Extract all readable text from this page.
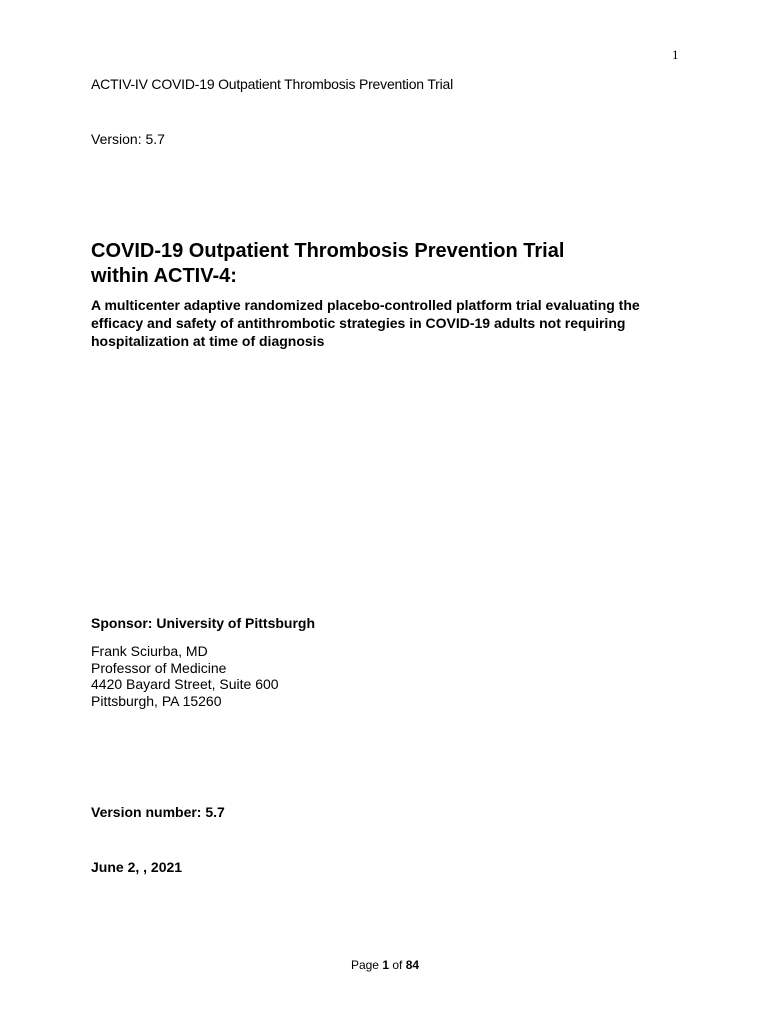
1
ACTIV-IV COVID-19 Outpatient Thrombosis Prevention Trial
Version: 5.7
COVID-19 Outpatient Thrombosis Prevention Trial
within ACTIV-4:
A multicenter adaptive randomized placebo-controlled platform trial evaluating the efficacy and safety of antithrombotic strategies in COVID-19 adults not requiring hospitalization at time of diagnosis
Sponsor: University of Pittsburgh
Frank Sciurba, MD
Professor of Medicine
4420 Bayard Street, Suite 600
Pittsburgh, PA 15260
Version number: 5.7
June 2, , 2021
Page 1 of 84
